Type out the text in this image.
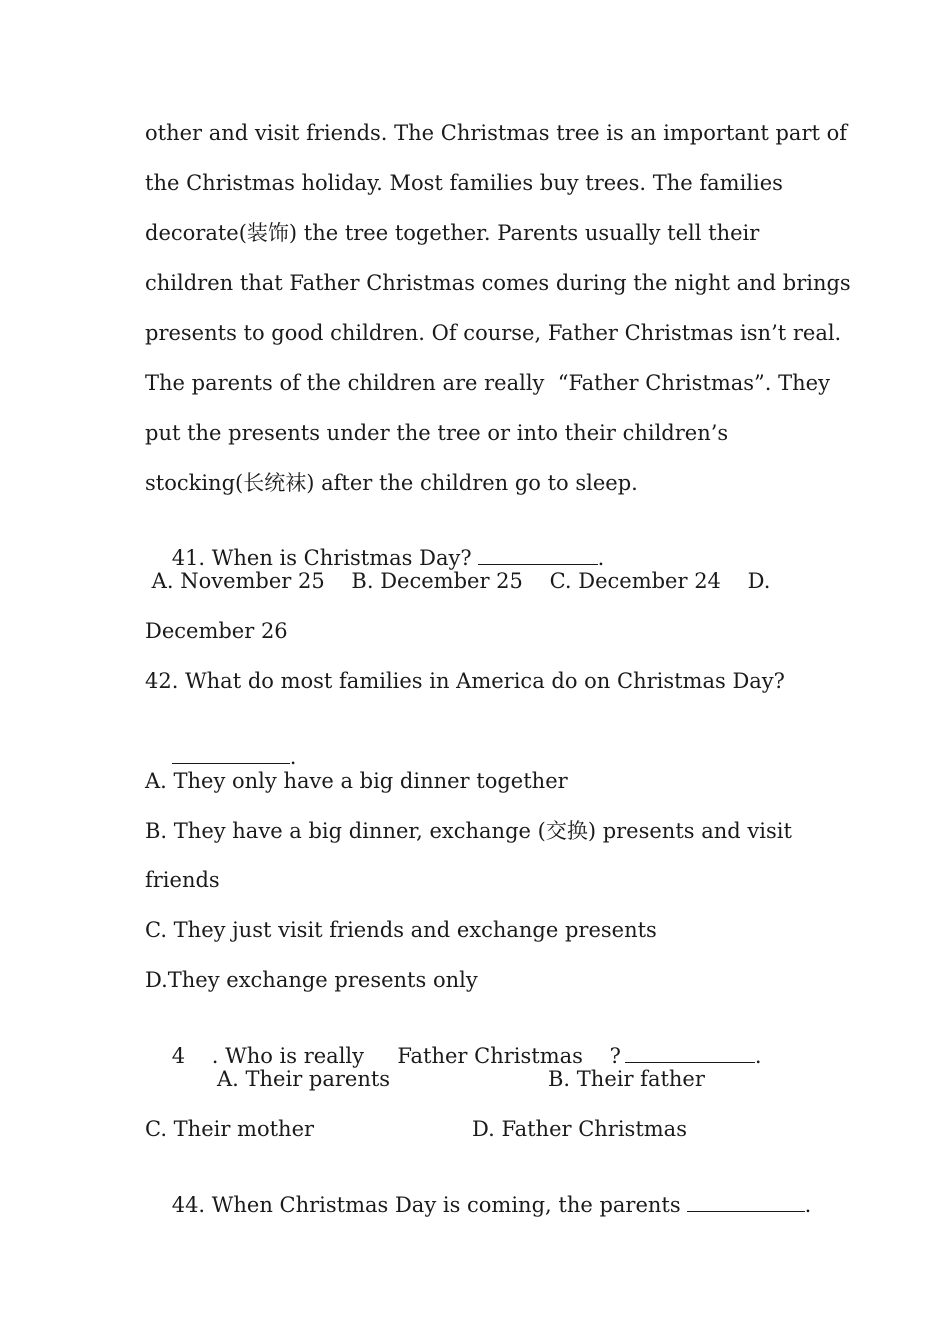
other and visit friends. The Christmas tree is an important part of
the Christmas holiday. Most families buy trees. The families
decorate(装饰) the tree together. Parents usually tell their
children that Father Christmas comes during the night and brings
presents to good children. Of course, Father Christmas isn’t real.
The parents of the children are really  “Father Christmas”. They
put the presents under the tree or into their children’s
stocking(长统袜) after the children go to sleep.

41. When is Christmas Day?	.

A. November 25    B. December 25    C. December 24    D.
December 26
42. What do most families in America do on Christmas Day?

.

A. They only have a big dinner together
B. They have a big dinner, exchange (交换) presents and visit
friends
C. They just visit friends and exchange presents
D.They exchange presents only

4    . Who is really     Father Christmas    ?	.

A. Their parents	B. Their father
C. Their mother	D. Father Christmas

44. When Christmas Day is coming, the parents	.
